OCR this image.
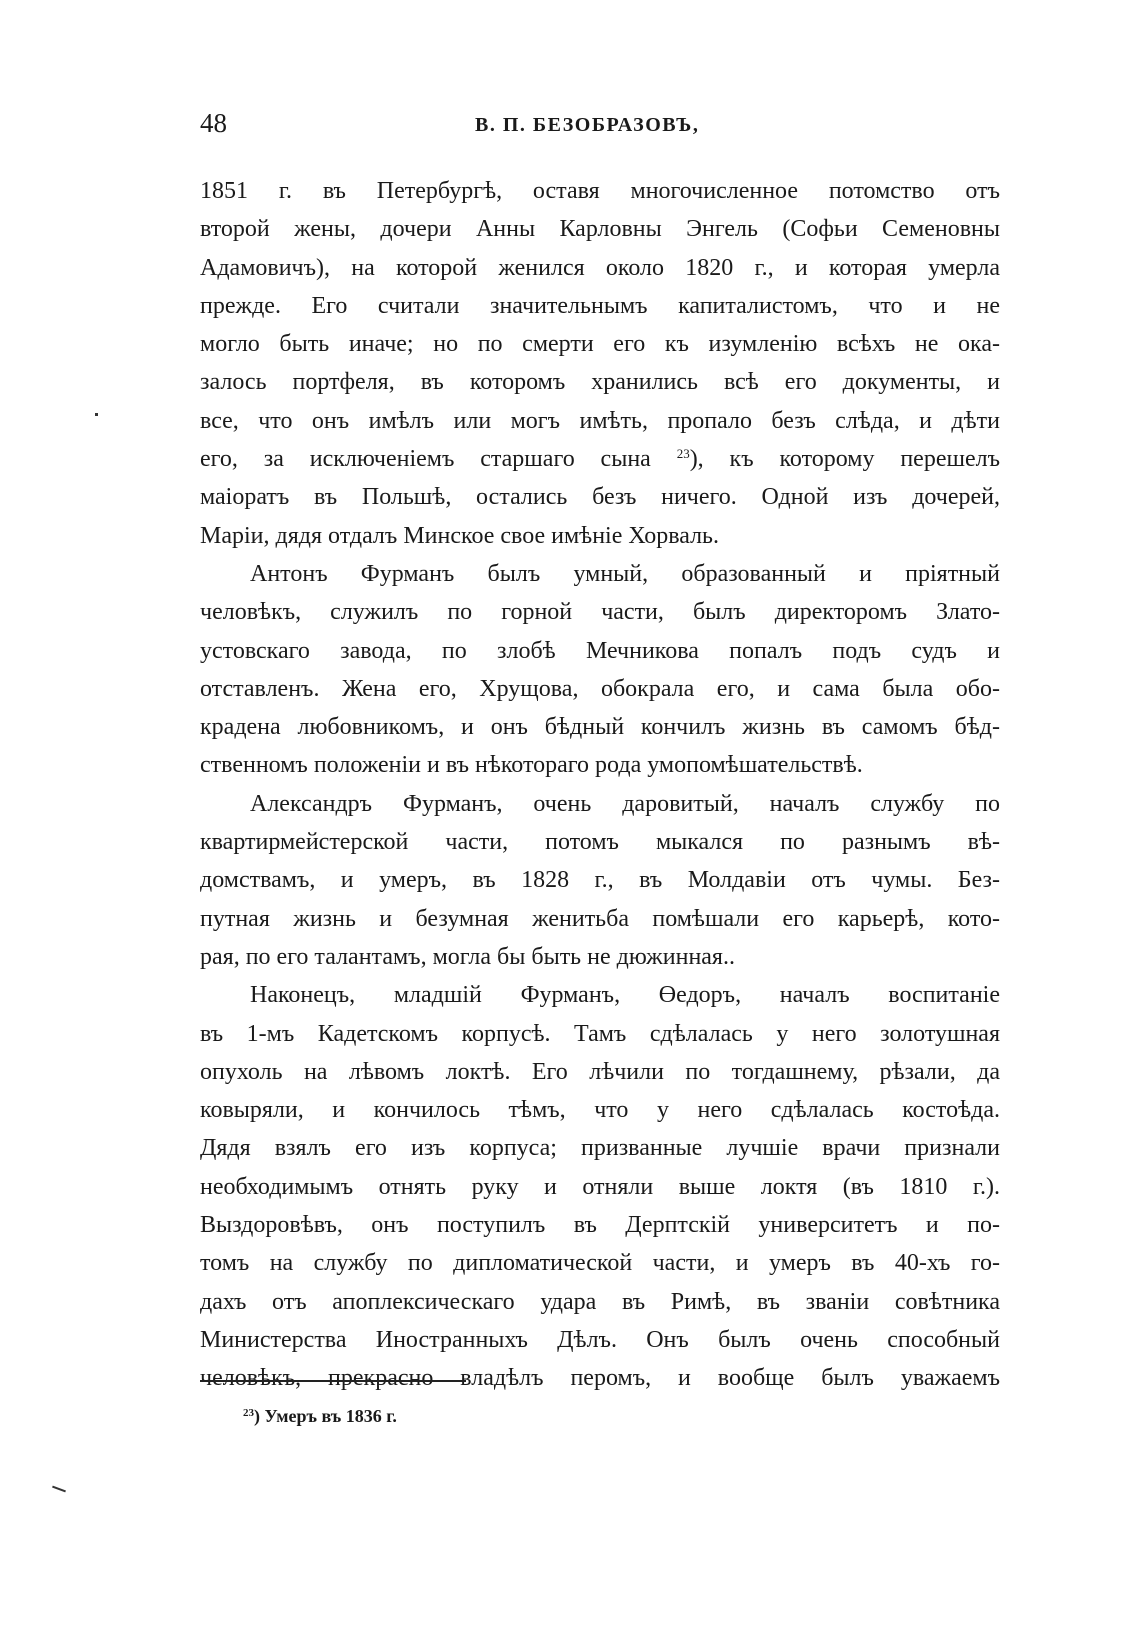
48	В. П. БЕЗОБРАЗОВЪ,
1851 г. въ Петербургѣ, оставя многочисленное потомство отъ
второй жены, дочери Анны Карловны Энгель (Софьи Семеновны
Адамовичъ), на которой женился около 1820 г., и которая умерла
прежде. Его считали значительнымъ капиталистомъ, что и не
могло быть иначе; но по смерти его къ изумленію всѣхъ не ока-
залось портфеля, въ которомъ хранились всѣ его документы, и
все, что онъ имѣлъ или могъ имѣть, пропало безъ слѣда, и дѣти
его, за исключеніемъ старшаго сына $^{23}$), къ которому перешелъ
маіоратъ въ Польшѣ, остались безъ ничего. Одной изъ дочерей,
Маріи, дядя отдалъ Минское свое имѣніе Хорваль.
Антонъ Фурманъ былъ умный, образованный и пріятный
человѣкъ, служилъ по горной части, былъ директоромъ Злато-
устовскаго завода, по злобѣ Мечникова попалъ подъ судъ и
отставленъ. Жена его, Хрущова, обокрала его, и сама была обо-
крадена любовникомъ, и онъ бѣдный кончилъ жизнь въ самомъ бѣд-
ственномъ положеніи и въ нѣкотораго рода умопомѣшательствѣ.
Александръ Фурманъ, очень даровитый, началъ службу по
квартирмейстерской части, потомъ мыкался по разнымъ вѣ-
домствамъ, и умеръ, въ 1828 г., въ Молдавіи отъ чумы. Без-
путная жизнь и безумная женитьба помѣшали его карьерѣ, кото-
рая, по его талантамъ, могла бы быть не дюжинная..
Наконецъ, младшій Фурманъ, Өедоръ, началъ воспитаніе
въ 1-мъ Кадетскомъ корпусѣ. Тамъ сдѣлалась у него золотушная
опухоль на лѣвомъ локтѣ. Его лѣчили по тогдашнему, рѣзали, да
ковыряли, и кончилось тѣмъ, что у него сдѣлалась костоѣда.
Дядя взялъ его изъ корпуса; призванные лучшіе врачи признали
необходимымъ отнять руку и отняли выше локтя (въ 1810 г.).
Выздоровѣвъ, онъ поступилъ въ Дерптскій университетъ и по-
томъ на службу по дипломатической части, и умеръ въ 40-хъ го-
дахъ отъ апоплексическаго удара въ Римѣ, въ званіи совѣтника
Министерства Иностранныхъ Дѣлъ. Онъ былъ очень способный
человѣкъ, прекрасно владѣлъ перомъ, и вообще былъ уважаемъ
$^{23}$) Умеръ въ 1836 г.
